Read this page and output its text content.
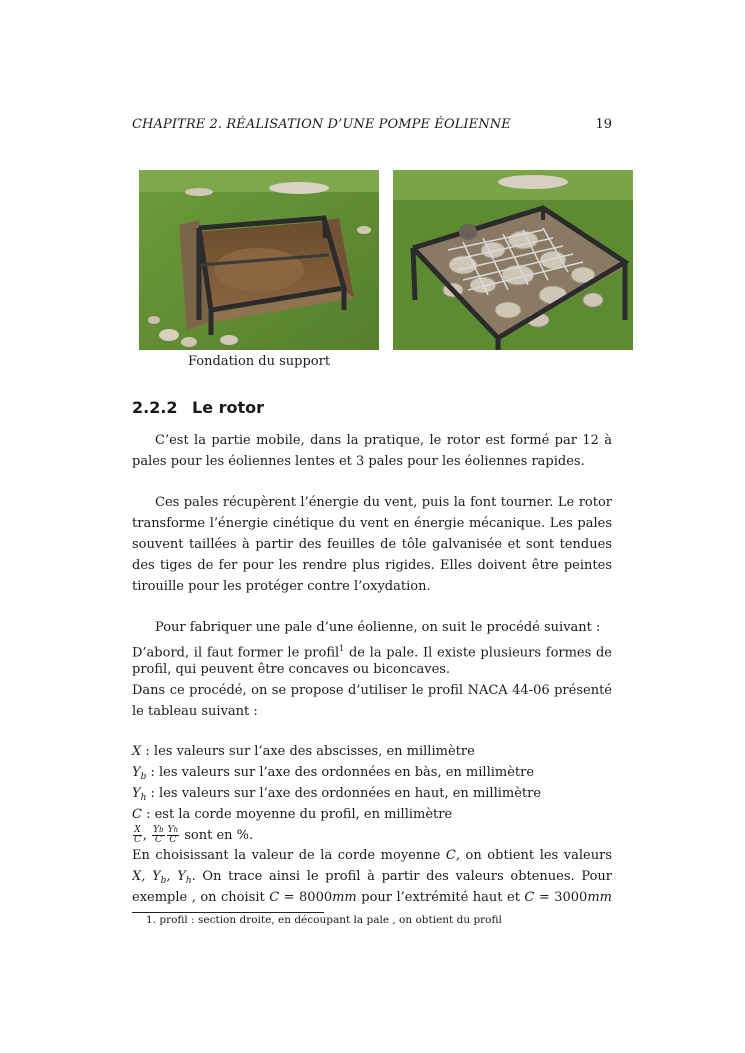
CHAPITRE 2. RÉALISATION D’UNE POMPE ÉOLIENNE	19
Fondation du support
2.2.2 Le rotor
C’est la partie mobile, dans la pratique, le rotor est formé par 12 à
pales pour les éoliennes lentes et 3 pales pour les éoliennes rapides.
Ces pales récupèrent l’énergie du vent, puis la font tourner. Le rotor
transforme l’énergie cinétique du vent en énergie mécanique. Les pales
souvent taillées à partir des feuilles de tôle galvanisée et sont tendues
des tiges de fer pour les rendre plus rigides. Elles doivent être peintes
tirouille pour les protéger contre l’oxydation.
Pour fabriquer une pale d’une éolienne, on suit le procédé suivant :
D’abord, il faut former le profil$^1$ de la pale. Il existe plusieurs formes de
profil, qui peuvent être concaves ou biconcaves.
Dans ce procédé, on se propose d’utiliser le profil NACA 44-06 présenté
le tableau suivant :
X : les valeurs sur l’axe des abscisses, en millimètre
$Y_b$ : les valeurs sur l’axe des ordonnées en bàs, en millimètre
$Y_h$ : les valeurs sur l’axe des ordonnées en haut, en millimètre
C : est la corde moyenne du profil, en millimètre
$\frac{X}{C}$ , $\frac{Yb}{C} \frac{Yh}{C}$ sont en %.
En choisissant la valeur de la corde moyenne C, on obtient les valeurs
X, $Y_b$, $Y_h$. On trace ainsi le profil à partir des valeurs obtenues. Pour
exemple , on choisit C = 8000mm pour l’extrémité haut et C = 3000mm
1. profil : section droite, en découpant la pale , on obtient du profil
